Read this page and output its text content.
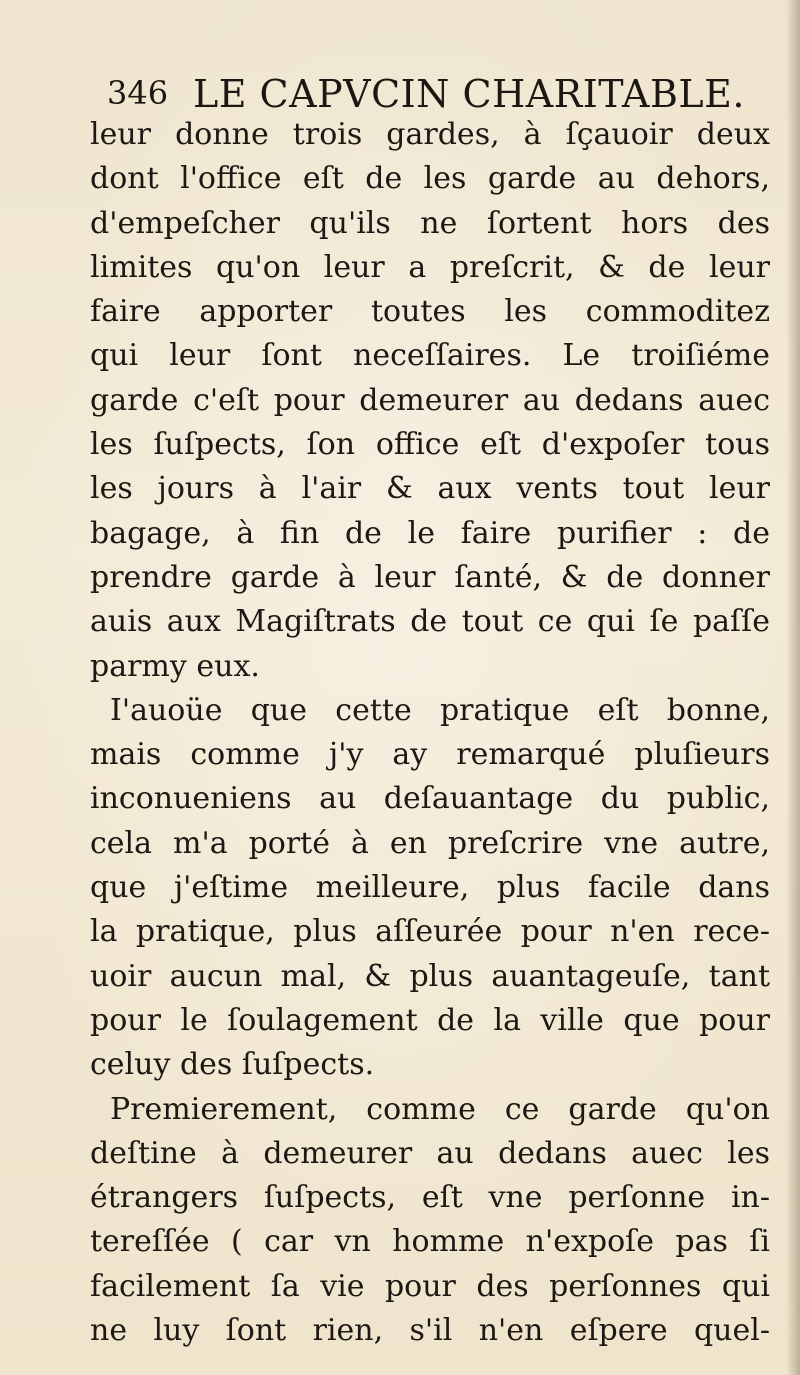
346 LE CAPVCIN CHARITABLE.
leur donne trois gardes, à ſçauoir deux
dont l'office eſt de les garde au dehors,
d'empeſcher qu'ils ne ſortent hors des
limites qu'on leur a preſcrit, & de leur
faire apporter toutes les commoditez
qui leur ſont neceſſaires. Le troiſiéme
garde c'eſt pour demeurer au dedans auec
les ſuſpects, ſon office eſt d'expoſer tous
les jours à l'air & aux vents tout leur
bagage, à fin de le faire purifier : de
prendre garde à leur ſanté, & de donner
auis aux Magiſtrats de tout ce qui ſe paſſe
parmy eux.
I'auoüe que cette pratique eſt bonne,
mais comme j'y ay remarqué pluſieurs
inconueniens au deſauantage du public,
cela m'a porté à en preſcrire vne autre,
que j'eſtime meilleure, plus facile dans
la pratique, plus aſſeurée pour n'en rece-
uoir aucun mal, & plus auantageuſe, tant
pour le ſoulagement de la ville que pour
celuy des ſuſpects.
Premierement, comme ce garde qu'on
deſtine à demeurer au dedans auec les
étrangers ſuſpects, eſt vne perſonne in-
tereſſée ( car vn homme n'expoſe pas ſi
facilement ſa vie pour des perſonnes qui
ne luy ſont rien, s'il n'en eſpere quel-
